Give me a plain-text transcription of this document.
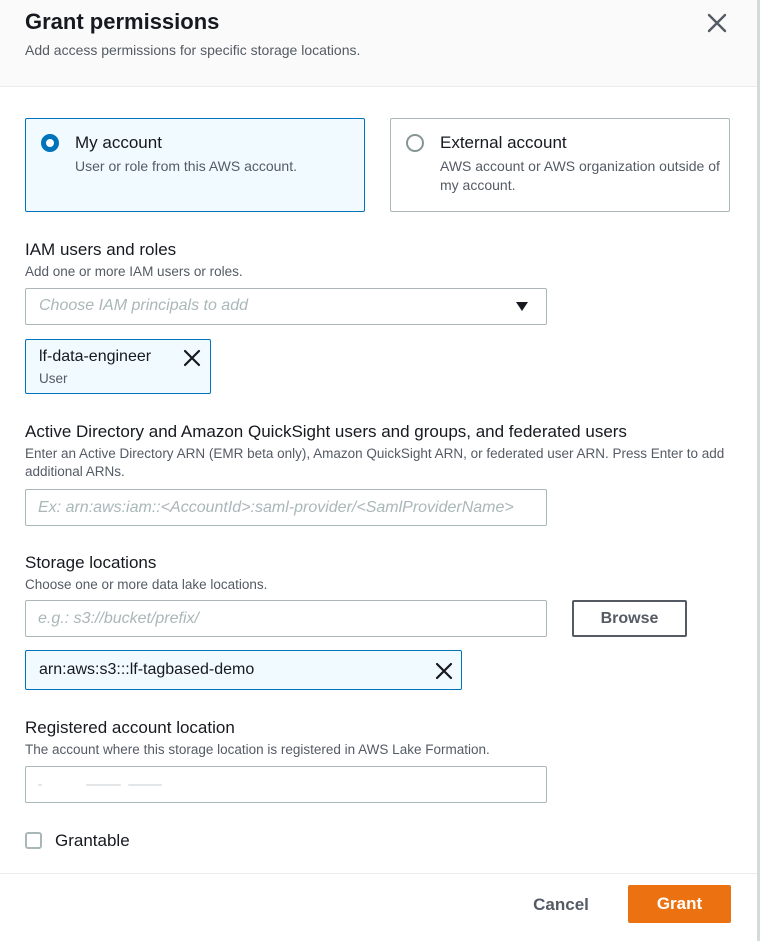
Grant permissions
Add access permissions for specific storage locations.
My account
User or role from this AWS account.
External account
AWS account or AWS organization outside of my account.
IAM users and roles
Add one or more IAM users or roles.
Choose IAM principals to add
lf-data-engineer
User
Active Directory and Amazon QuickSight users and groups, and federated users
Enter an Active Directory ARN (EMR beta only), Amazon QuickSight ARN, or federated user ARN. Press Enter to add additional ARNs.
Ex: arn:aws:iam::<AccountId>:saml-provider/<SamlProviderName>
Storage locations
Choose one or more data lake locations.
e.g.: s3://bucket/prefix/
Browse
arn:aws:s3:::lf-tagbased-demo
Registered account location
The account where this storage location is registered in AWS Lake Formation.
Grantable
Cancel	Grant
